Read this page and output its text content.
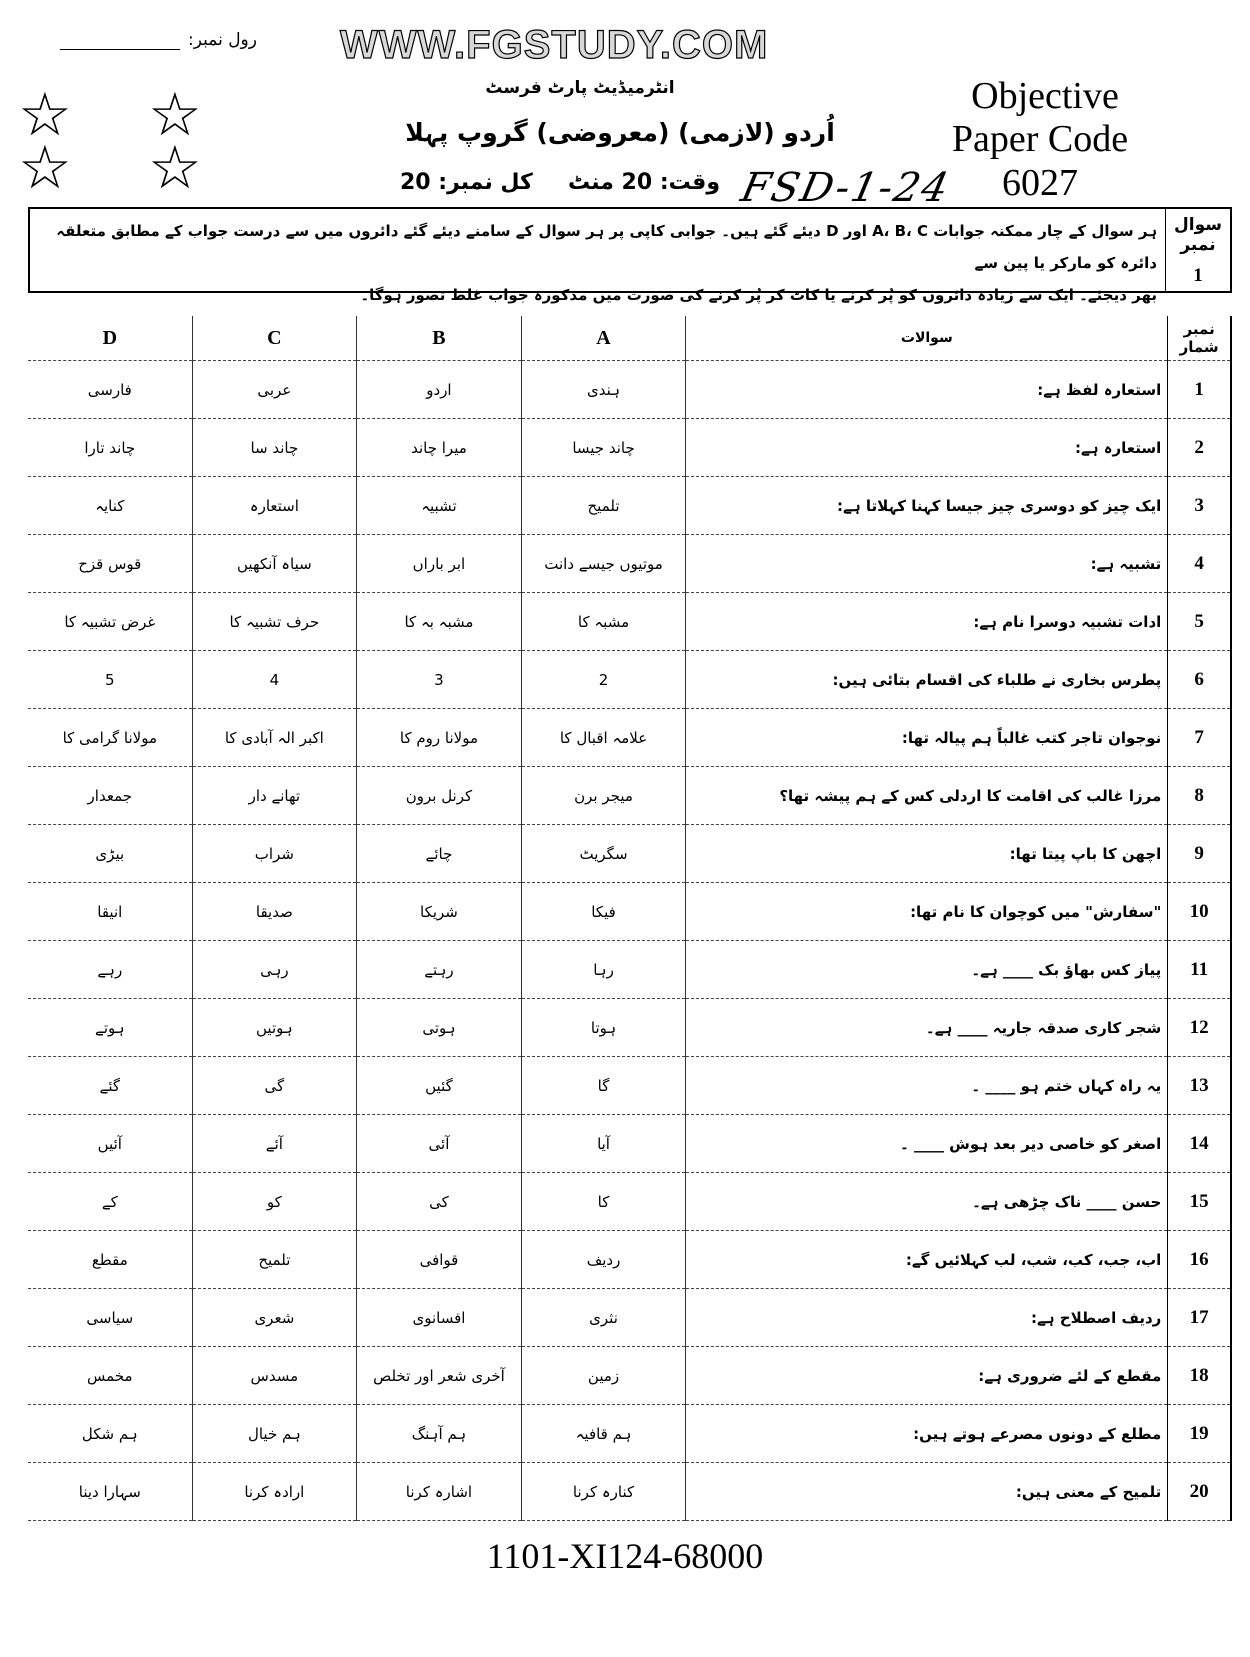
رول نمبر: WWW.FGSTUDY.COM
☆ ☆
☆ ☆
انٹرمیڈیٹ پارٹ فرسٹ
اُردو (لازمی) (معروضی) گروپ پہلا
وقت: 20 منٹ
کل نمبر: 20	FSD-1-24
Objective
Paper Code
6027
سوال نمبر
1
ہر سوال کے چار ممکنہ جوابات A، B، C اور D دیئے گئے ہیں۔ جوابی کاپی پر ہر سوال کے سامنے دیئے گئے دائروں میں سے درست جواب کے مطابق متعلقہ دائرہ کو مارکر یا پین سے
بھر دیجئے۔ ایک سے زیادہ دائروں کو پُر کرنے یا کاٹ کر پُر کرنے کی صورت میں مذکورہ جواب غلط تصور ہوگا۔
نمبر شمار	سوالات	A	B	C	D
1	استعارہ لفظ ہے:	ہندی	اردو	عربی	فارسی
2	استعارہ ہے:	چاند جیسا	میرا چاند	چاند سا	چاند تارا
3	ایک چیز کو دوسری چیز جیسا کہنا کہلاتا ہے:	تلمیح	تشبیہ	استعارہ	کنایہ
4	تشبیہ ہے:	موتیوں جیسے دانت	ابر باراں	سیاہ آنکھیں	قوس قزح
5	ادات تشبیہ دوسرا نام ہے:	مشبہ کا	مشبہ بہ کا	حرف تشبیہ کا	غرض تشبیہ کا
6	پطرس بخاری نے طلباء کی اقسام بتائی ہیں:	2	3	4	5
7	نوجوان تاجر کتب غالباً ہم پیالہ تھا:	علامہ اقبال کا	مولانا روم کا	اکبر الہ آبادی کا	مولانا گرامی کا
8	مرزا غالب کی اقامت کا اردلی کس کے ہم پیشہ تھا؟	میجر برن	کرنل برون	تھانے دار	جمعدار
9	اچھن کا باپ پیتا تھا:	سگریٹ	چائے	شراب	بیڑی
10	"سفارش" میں کوچوان کا نام تھا:	فیکا	شریکا	صدیقا	انیقا
11	پیاز کس بھاؤ بک ____ ہے۔	رہا	رہتے	رہی	رہے
12	شجر کاری صدقہ جاریہ ____ ہے۔	ہوتا	ہوتی	ہوتیں	ہوتے
13	یہ راہ کہاں ختم ہو ____ ۔	گا	گئیں	گی	گئے
14	اصغر کو خاصی دیر بعد ہوش ____ ۔	آیا	آئی	آئے	آئیں
15	حسن ____ ناک چڑھی ہے۔	کا	کی	کو	کے
16	اب، جب، کب، شب، لب کہلائیں گے:	ردیف	قوافی	تلمیح	مقطع
17	ردیف اصطلاح ہے:	نثری	افسانوی	شعری	سیاسی
18	مقطع کے لئے ضروری ہے:	زمین	آخری شعر اور تخلص	مسدس	مخمس
19	مطلع کے دونوں مصرعے ہوتے ہیں:	ہم قافیہ	ہم آہنگ	ہم خیال	ہم شکل
20	تلمیح کے معنی ہیں:	کنارہ کرنا	اشارہ کرنا	ارادہ کرنا	سہارا دینا
1101-XI124-68000
